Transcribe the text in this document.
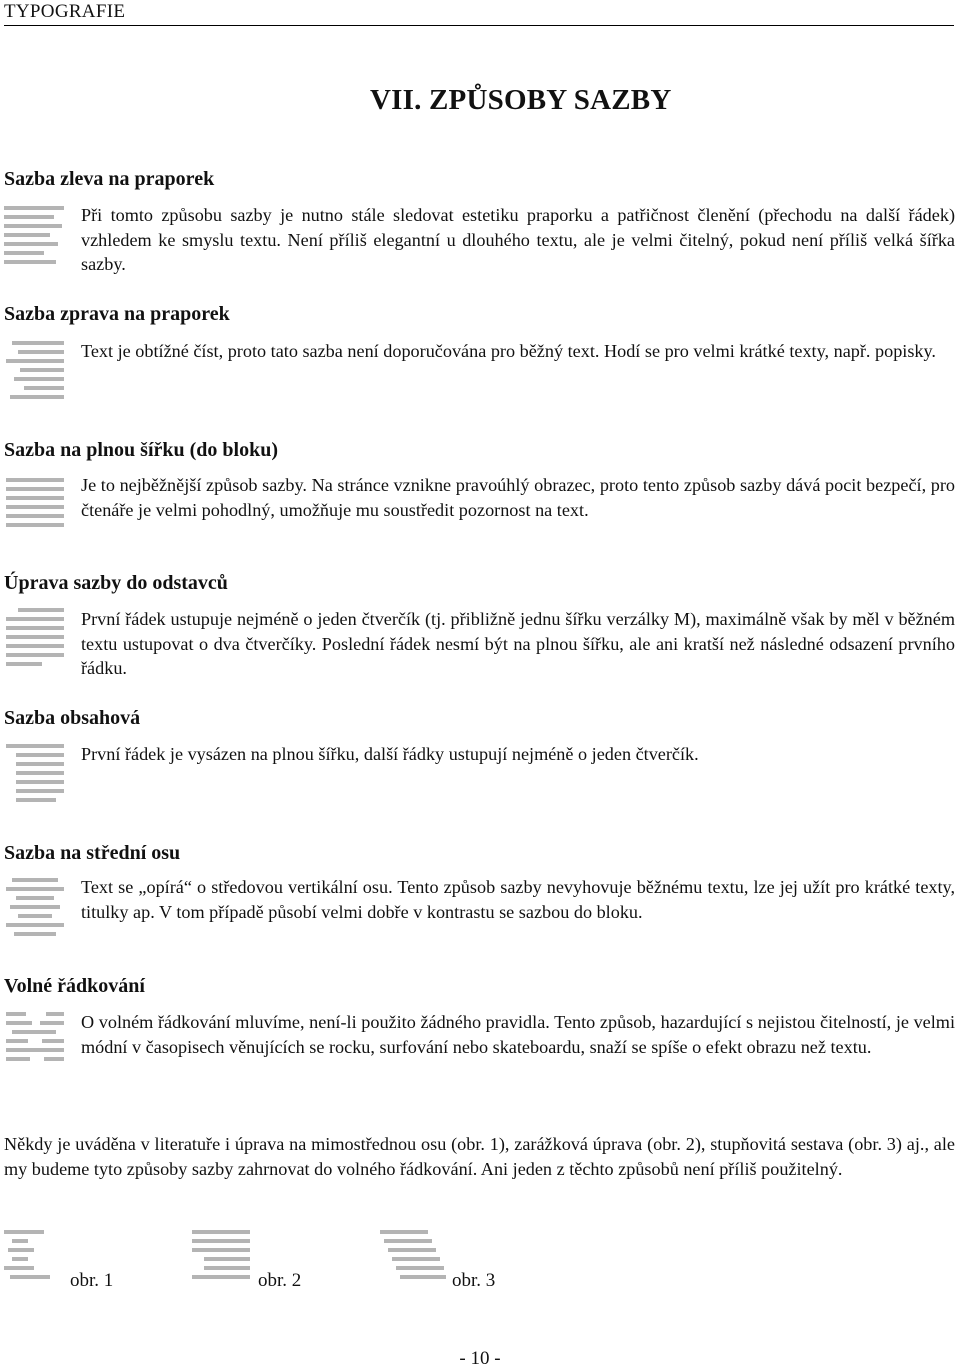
TYPOGRAFIE
VII. ZPŮSOBY SAZBY
Sazba zleva na praporek
Při tomto způsobu sazby je nutno stále sledovat estetiku praporku a patřičnost členění (přechodu na další řádek) vzhledem ke smyslu textu. Není příliš elegantní u dlouhého textu, ale je velmi čitelný, pokud není příliš velká šířka sazby.
Sazba zprava na praporek
Text je obtížné číst, proto tato sazba není doporučována pro běžný text. Hodí se pro velmi krátké texty, např. popisky.
Sazba na plnou šířku (do bloku)
Je to nejběžnější způsob sazby. Na stránce vznikne pravoúhlý obrazec, proto tento způsob sazby dává pocit bezpečí, pro čtenáře je velmi pohodlný, umožňuje mu soustředit pozornost na text.
Úprava sazby do odstavců
První řádek ustupuje nejméně o jeden čtverčík (tj. přibližně jednu šířku verzálky M), maximálně však by měl v běžném textu ustupovat o dva čtverčíky. Poslední řádek nesmí být na plnou šířku, ale ani kratší než následné odsazení prvního řádku.
Sazba obsahová
První řádek je vysázen na plnou šířku, další řádky ustupují nejméně o jeden čtverčík.
Sazba na střední osu
Text se „opírá“ o středovou vertikální osu. Tento způsob sazby nevyhovuje běžnému textu, lze jej užít pro krátké texty, titulky ap. V tom případě působí velmi dobře v kontrastu se sazbou do bloku.
Volné řádkování
O volném řádkování mluvíme, není-li použito žádného pravidla. Tento způsob, hazardující s nejistou čitelností, je velmi módní v časopisech věnujících se rocku, surfování nebo skateboardu, snaží se spíše o efekt obrazu než textu.
Někdy je uváděna v literatuře i úprava na mimostřednou osu (obr. 1), zarážková úprava (obr. 2), stupňovitá sestava (obr. 3) aj., ale my budeme tyto způsoby sazby zahrnovat do volného řádkování. Ani jeden z těchto způsobů není příliš použitelný.
obr. 1	obr. 2	obr. 3
- 10 -
